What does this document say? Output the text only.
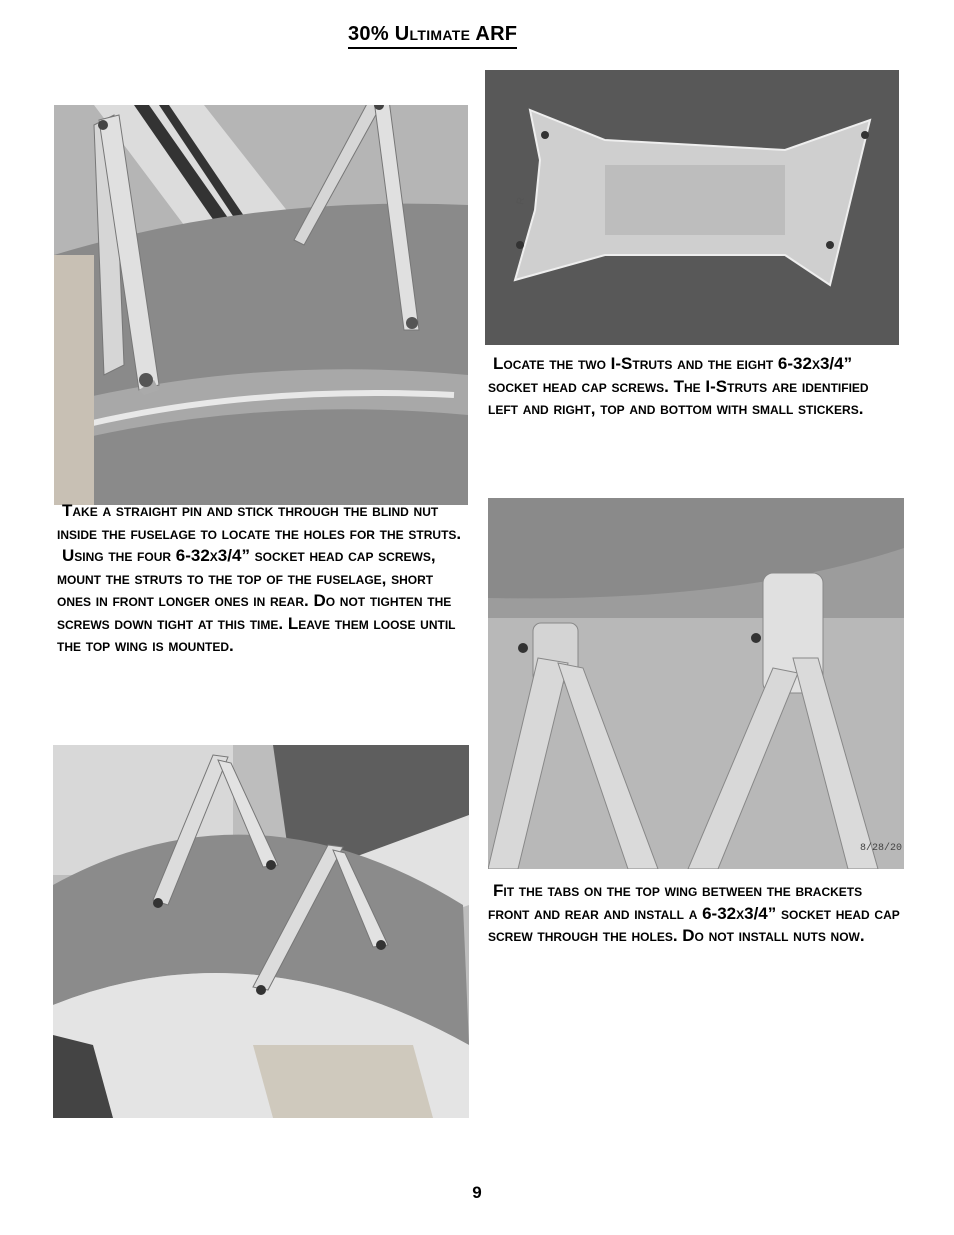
30% Ultimate ARF
R

Locate the two I-Struts and the eight 6-32x3/4” socket head cap screws. The I-Struts are identified left and right, top and bottom with small stickers.

Take a straight pin and stick through the blind nut inside the fuselage to locate the holes for the struts.

Using the four 6-32x3/4” socket head cap screws, mount the struts to the top of the fuselage, short ones in front longer ones in rear. Do not tighten the screws down tight at this time. Leave them loose until the top wing is mounted.

8/28/20

Fit the tabs on the top wing between the brackets front and rear and install a 6-32x3/4” socket head cap screw through the holes. Do not install nuts now.

9
